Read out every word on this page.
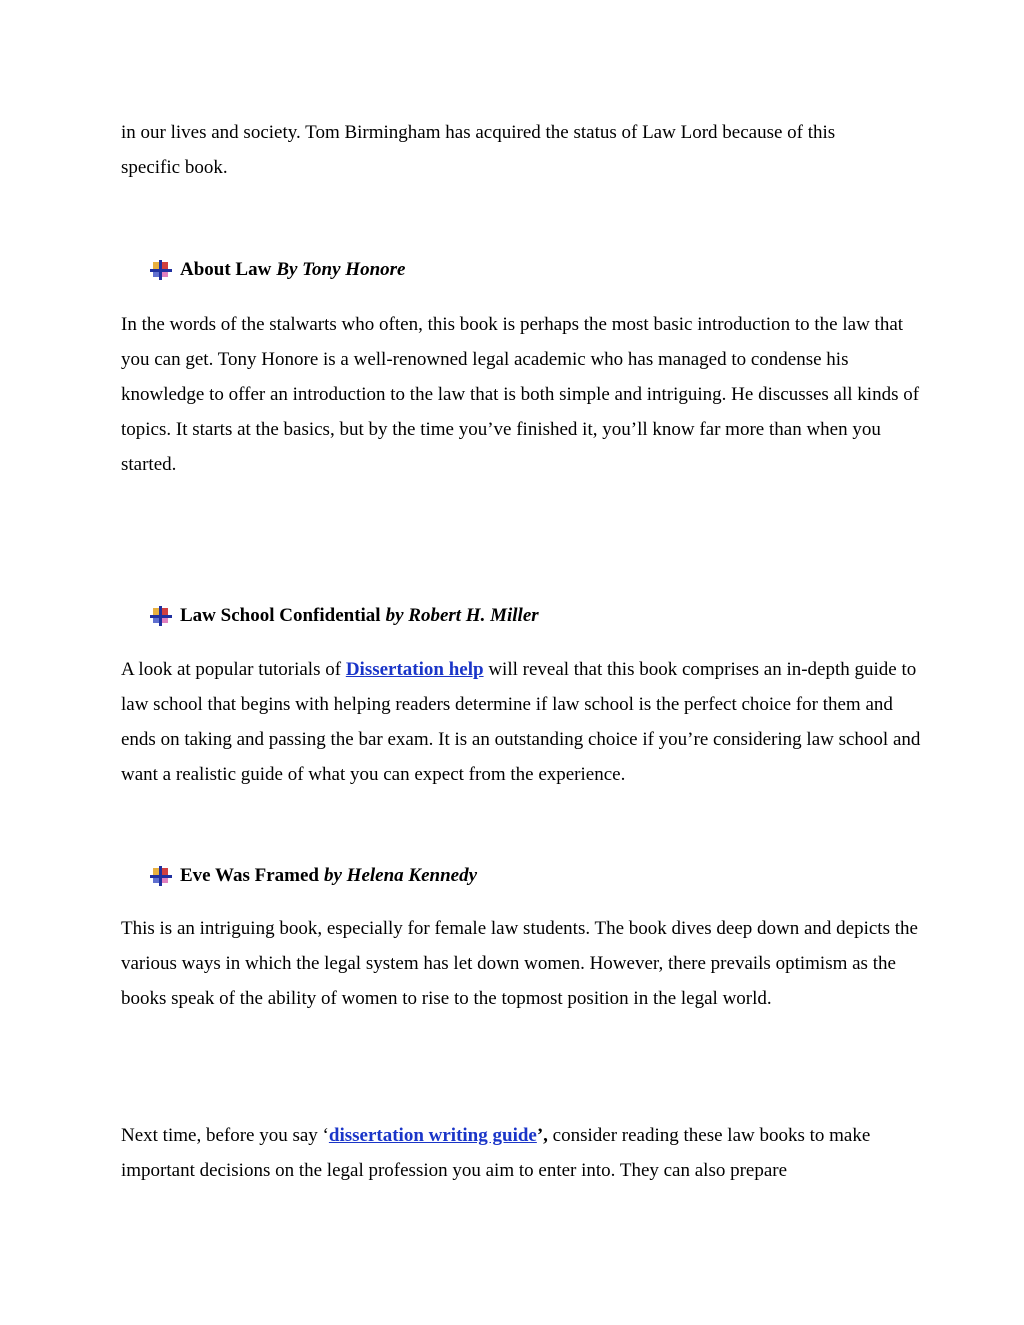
in our lives and society. Tom Birmingham has acquired the status of Law Lord because of this
specific book.

About Law By Tony Honore

In the words of the stalwarts who often, this book is perhaps the most basic introduction to the law that you can get. Tony Honore is a well-renowned legal academic who has managed to condense his knowledge to offer an introduction to the law that is both simple and intriguing. He discusses all kinds of topics. It starts at the basics, but by the time you’ve finished it, you’ll know far more than when you started.

Law School Confidential by Robert H. Miller

A look at popular tutorials of Dissertation help will reveal that this book comprises an in-depth guide to law school that begins with helping readers determine if law school is the perfect choice for them and ends on taking and passing the bar exam. It is an outstanding choice if you’re considering law school and want a realistic guide of what you can expect from the experience.

Eve Was Framed by Helena Kennedy

This is an intriguing book, especially for female law students. The book dives deep down and depicts the various ways in which the legal system has let down women. However, there prevails optimism as the books speak of the ability of women to rise to the topmost position in the legal world.

Next time, before you say ‘dissertation writing guide’, consider reading these law books to make important decisions on the legal profession you aim to enter into. They can also prepare
